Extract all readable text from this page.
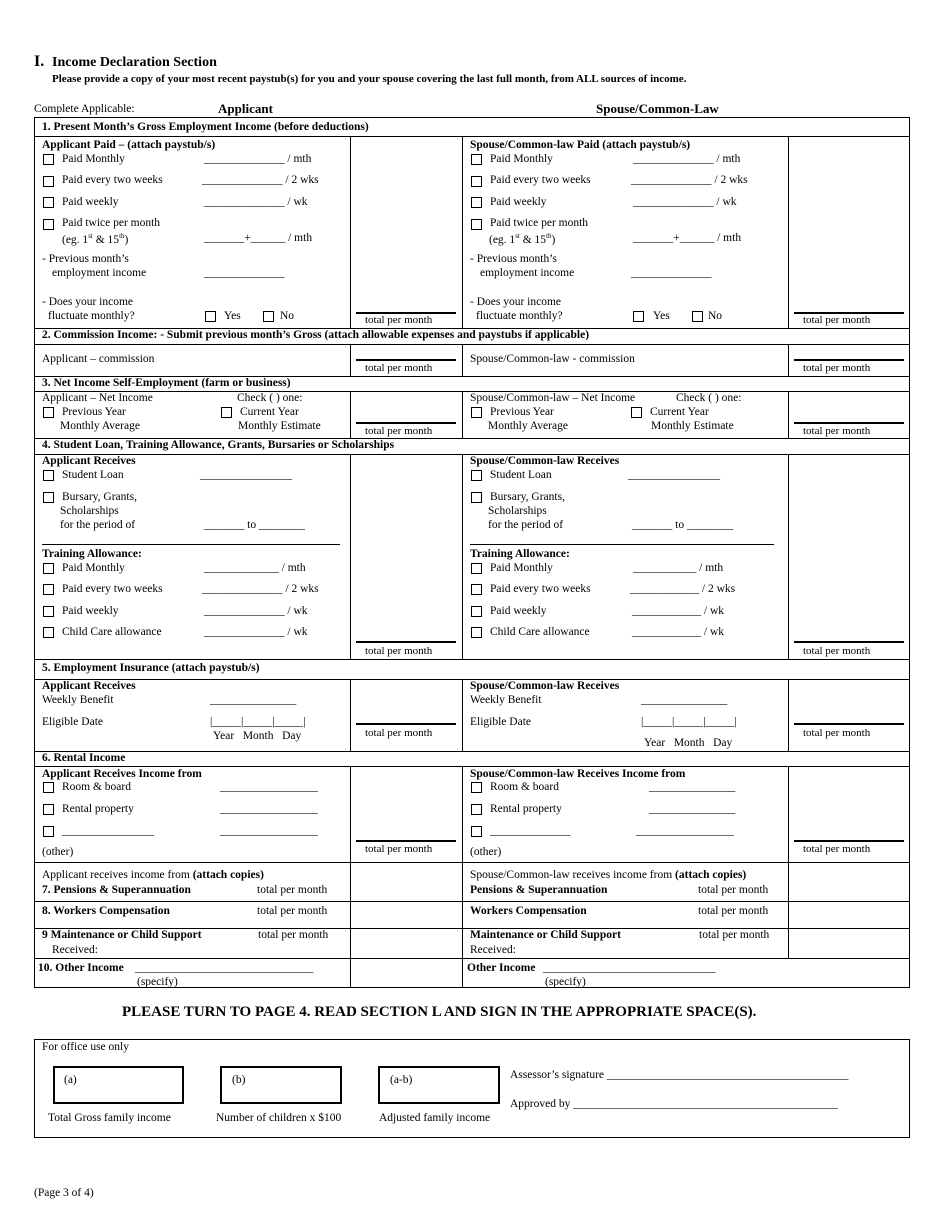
I. Income Declaration Section
Please provide a copy of your most recent paystub(s) for you and your spouse covering the last full month, from ALL sources of income.
Complete Applicable:	Applicant	Spouse/Common-Law
1. Present Month’s Gross Employment Income (before deductions)
Applicant Paid – (attach paystub/s)
Paid Monthly	______________ / mth
Paid every two weeks	______________ / 2 wks
Paid weekly	______________ / wk
Paid twice per month
(eg. 1st & 15th)	_______+______ / mth
- Previous month’s
employment income	______________
- Does your income
fluctuate monthly?	Yes	No	total per month
Spouse/Common-law Paid (attach paystub/s)
Paid Monthly	______________ / mth
Paid every two weeks	______________ / 2 wks
Paid weekly	______________ / wk
Paid twice per month
(eg. 1st & 15th)	_______+______ / mth
- Previous month’s
employment income	______________
- Does your income
fluctuate monthly?	Yes	No	total per month
2. Commission Income: - Submit previous month’s Gross (attach allowable expenses and paystubs if applicable)
Applicant – commission
total per month
Spouse/Common-law - commission
total per month
3. Net Income Self-Employment (farm or business)
Applicant – Net Income	Check ( ) one:
Previous Year
Monthly Average
Current Year
Monthly Estimate	total per month
Spouse/Common-law – Net Income	Check ( ) one:
Previous Year
Monthly Average
Current Year
Monthly Estimate	total per month
4. Student Loan, Training Allowance, Grants, Bursaries or Scholarships
Applicant Receives
Student Loan	________________
Bursary, Grants,
Scholarships
for the period of	_______ to ________
Training Allowance:
Paid Monthly	_____________ / mth
Paid every two weeks	______________ / 2 wks
Paid weekly	______________ / wk
Child Care allowance	______________ / wk
total per month
Spouse/Common-law Receives
Student Loan	________________
Bursary, Grants,
Scholarships
for the period of	_______ to ________
Training Allowance:
Paid Monthly	___________ / mth
Paid every two weeks	____________ / 2 wks
Paid weekly	____________ / wk
Child Care allowance	____________ / wk
total per month
5. Employment Insurance (attach paystub/s)
Applicant Receives
Weekly Benefit	_______________
Eligible Date	|_____|_____|_____|
Year Month Day	total per month
Spouse/Common-law Receives
Weekly Benefit	_______________
Eligible Date	|_____|_____|_____|
Year Month Day
total per month
6. Rental Income
Applicant Receives Income from
Room & board	_________________
Rental property	_________________
________________	_________________
(other)	total per month
Spouse/Common-law Receives Income from
Room & board	_______________
Rental property	_______________
______________	_________________
(other)	total per month
Applicant receives income from (attach copies)
7. Pensions & Superannuation	total per month
Spouse/Common-law receives income from (attach copies)
Pensions & Superannuation	total per month
8. Workers Compensation	total per month	Workers Compensation	total per month
9 Maintenance or Child Support	total per month
Received:
Maintenance or Child Support	total per month
Received:
10. Other Income _______________________________
(specify)
Other Income ______________________________
(specify)
PLEASE TURN TO PAGE 4. READ SECTION L AND SIGN IN THE APPROPRIATE SPACE(S).
For office use only
(a)	(b)	(a-b)
Total Gross family income	Number of children x $100	Adjusted family income
Assessor’s signature __________________________________________
Approved by ______________________________________________
(Page 3 of 4)
